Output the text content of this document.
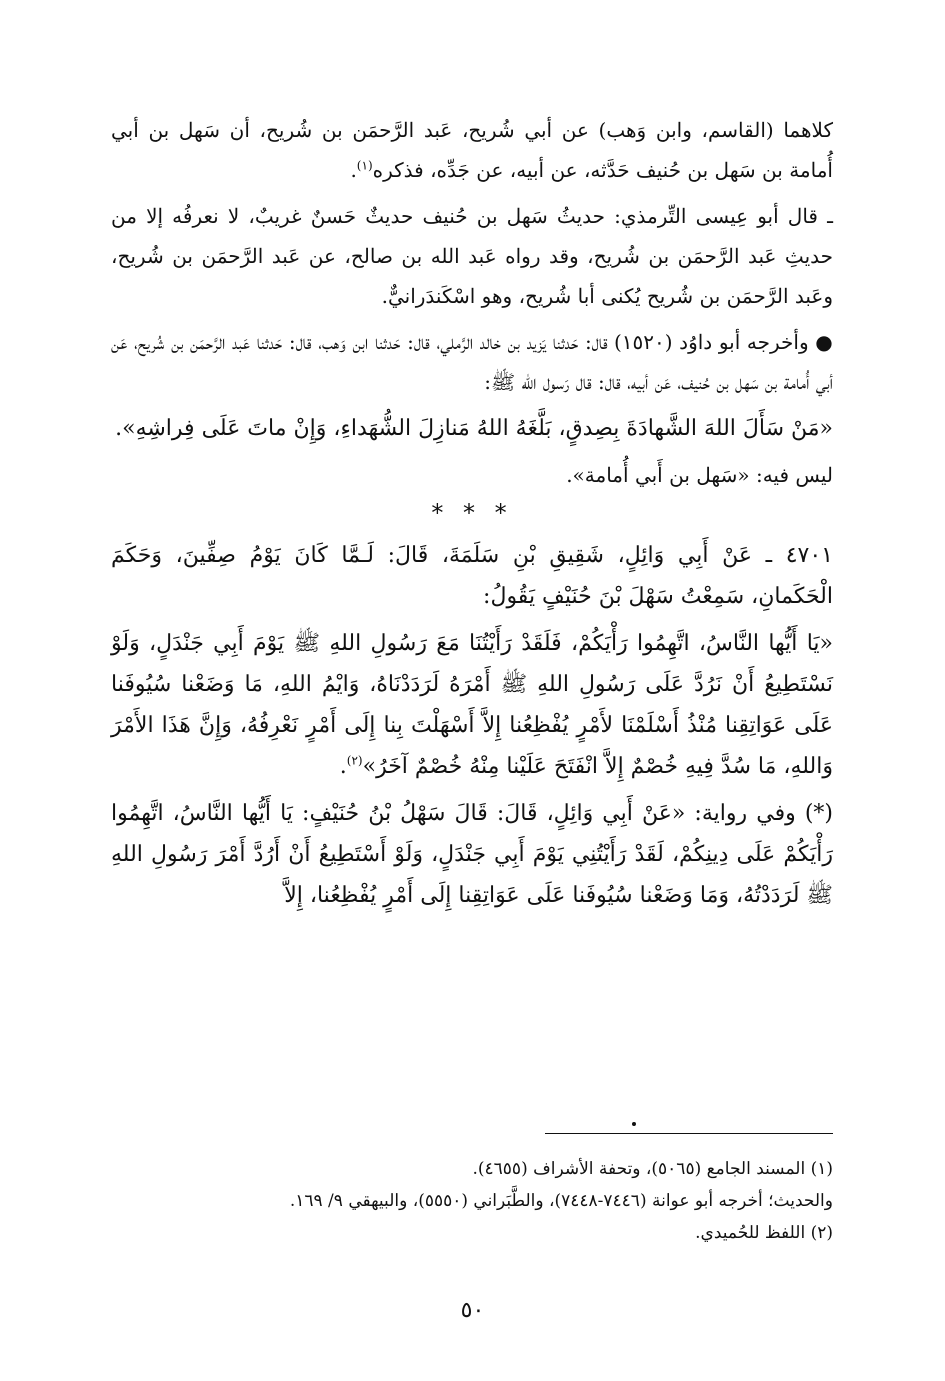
كلاهما (القاسم، وابن وَهب) عن أبي شُريح، عَبد الرَّحمَن بن شُريح، أن سَهل بن أبي أُمامة بن سَهل بن حُنيف حَدَّثه، عن أبيه، عن جَدِّه، فذكره$^{(١)}$.

ـ قال أبو عِيسى التِّرمذي: حديثُ سَهل بن حُنيف حديثٌ حَسنٌ غريبٌ، لا نعرفُه إلا من حديثِ عَبد الرَّحمَن بن شُريح، وقد رواه عَبد الله بن صالح، عن عَبد الرَّحمَن بن شُريح، وعَبد الرَّحمَن بن شُريح يُكنى أبا شُريح، وهو اسْكَندَرانيٌّ.

● وأخرجه أبو داوُد (١٥٢٠) قال: حَدثنا يَزيد بن خالد الرَّملي، قال: حَدثنا ابن وَهب، قال: حَدثنا عَبد الرَّحمَن بن شُريح، عَن أبي أُمامة بن سَهل بن حُنيف، عَن أبيه، قال: قال رَسول الله ﷺ:

«مَنْ سَأَلَ اللهَ الشَّهادَةَ بِصِدقٍ، بَلَّغَهُ اللهُ مَنازِلَ الشُّهَداءِ، وَإِنْ ماتَ عَلَى فِراشِهِ».

ليس فيه: «سَهل بن أَبي أُمامة».

* * *

٤٧٠١ ـ عَنْ أَبِي وَائِلٍ، شَقِيقِ بْنِ سَلَمَةَ، قَالَ: لَـمَّا كَانَ يَوْمُ صِفِّينَ، وَحَكَمَ الْحَكَمانِ، سَمِعْتُ سَهْلَ بْنَ حُنَيْفٍ يَقُولُ:

«يَا أَيُّها النَّاسُ، اتَّهِمُوا رَأْيَكُمْ، فَلَقَدْ رَأَيْتُنَا مَعَ رَسُولِ اللهِ ﷺ يَوْمَ أَبِي جَنْدَلٍ، وَلَوْ نَسْتَطِيعُ أَنْ نَرُدَّ عَلَى رَسُولِ اللهِ ﷺ أَمْرَهُ لَرَدَدْنَاهُ، وَايْمُ اللهِ، مَا وَضَعْنا سُيُوفَنا عَلَى عَوَاتِقِنا مُنْذُ أَسْلَمْنَا لأَمْرٍ يُفْظِعُنا إِلاَّ أَسْهَلْتَ بِنا إِلَى أَمْرٍ نَعْرِفُهُ، وَإِنَّ هَذَا الأَمْرَ وَاللهِ، مَا سُدَّ فِيهِ خُصْمٌ إِلاَّ انْفَتَحَ عَلَيْنا مِنْهُ خُصْمٌ آخَرُ»$^{(٢)}$.

(*) وفي رواية: «عَنْ أَبِي وَائِلٍ، قَالَ: قَالَ سَهْلُ بْنُ حُنَيْفٍ: يَا أَيُّها النَّاسُ، اتَّهِمُوا رَأْيَكُمْ عَلَى دِينِكُمْ، لَقَدْ رَأَيْتُنِي يَوْمَ أَبِي جَنْدَلٍ، وَلَوْ أَسْتَطِيعُ أَنْ أَرُدَّ أَمْرَ رَسُولِ اللهِ ﷺ لَرَدَدْتُهُ، وَمَا وَضَعْنا سُيُوفَنا عَلَى عَوَاتِقِنا إِلَى أَمْرٍ يُفْظِعُنا، إِلاَّ

(١) المسند الجامع (٥٠٦٥)، وتحفة الأشراف (٤٦٥٥).

والحديث؛ أخرجه أبو عوانة (٧٤٤٦-٧٤٤٨)، والطَّبَراني (٥٥٥٠)، والبيهقي ٩/ ١٦٩.

(٢) اللفظ للحُميدي.

٥٠
